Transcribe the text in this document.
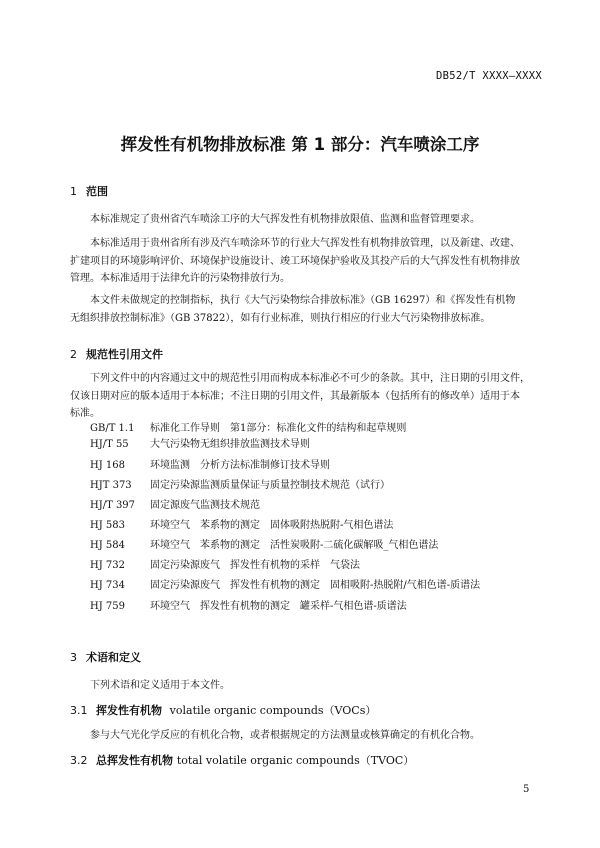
DB52/T XXXX—XXXX
挥发性有机物排放标准 第 1 部分：汽车喷涂工序
1 范围
本标准规定了贵州省汽车喷涂工序的大气挥发性有机物排放限值、监测和监督管理要求。
本标准适用于贵州省所有涉及汽车喷涂环节的行业大气挥发性有机物排放管理，以及新建、改建、
扩建项目的环境影响评价、环境保护设施设计、竣工环境保护验收及其投产后的大气挥发性有机物排放
管理。本标准适用于法律允许的污染物排放行为。
本文件未做规定的控制指标，执行《大气污染物综合排放标准》（GB 16297）和《挥发性有机物
无组织排放控制标准》（GB 37822），如有行业标准，则执行相应的行业大气污染物排放标准。
2 规范性引用文件
下列文件中的内容通过文中的规范性引用而构成本标准必不可少的条款。其中，注日期的引用文件，
仅该日期对应的版本适用于本标准；不注日期的引用文件，其最新版本（包括所有的修改单）适用于本
标准。
GB/T 1.1 标准化工作导则　第1部分：标准化文件的结构和起草规则
HJ/T 55 大气污染物无组织排放监测技术导则
HJ 168	环境监测　分析方法标准制修订技术导则
HJT 373 固定污染源监测质量保证与质量控制技术规范（试行）
HJ/T 397 固定源废气监测技术规范
HJ 583	环境空气　苯系物的测定　固体吸附热脱附-气相色谱法
HJ 584	环境空气　苯系物的测定　活性炭吸附-二硫化碳解吸_气相色谱法
HJ 732	固定污染源废气　挥发性有机物的采样　气袋法
HJ 734	固定污染源废气　挥发性有机物的测定　固相吸附-热脱附/气相色谱-质谱法
HJ 759	环境空气　挥发性有机物的测定　罐采样-气相色谱-质谱法
3 术语和定义
下列术语和定义适用于本文件。
3.1 挥发性有机物 volatile organic compounds（VOCs）
参与大气光化学反应的有机化合物，或者根据规定的方法测量或核算确定的有机化合物。
3.2 总挥发性有机物 total volatile organic compounds（TVOC）
5
